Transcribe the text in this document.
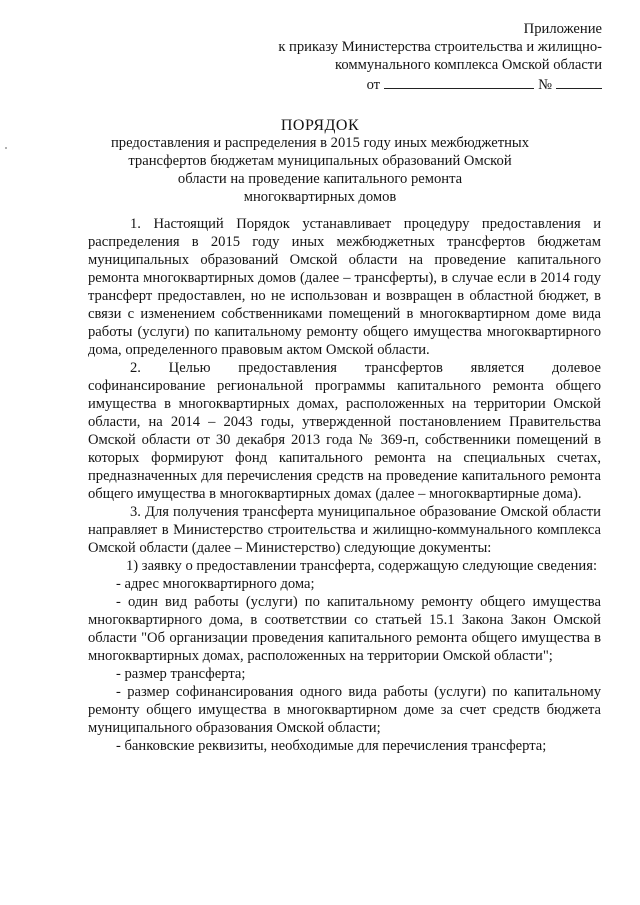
Приложение
к приказу Министерства строительства и жилищно-
коммунального комплекса Омской области
от	№
ПОРЯДОК
предоставления и распределения в 2015 году иных межбюджетных
трансфертов бюджетам муниципальных образований Омской
области на проведение капитального ремонта
многоквартирных домов

1. Настоящий Порядок устанавливает процедуру предоставления и распределения в 2015 году иных межбюджетных трансфертов бюджетам муниципальных образований Омской области на проведение капитального ремонта многоквартирных домов (далее – трансферты), в случае если в 2014 году трансферт предоставлен, но не использован и возвращен в областной бюджет, в связи с изменением собственниками помещений в многоквартирном доме вида работы (услуги) по капитальному ремонту общего имущества многоквартирного дома, определенного правовым актом Омской области.

2. Целью предоставления трансфертов является долевое софинансирование региональной программы капитального ремонта общего имущества в многоквартирных домах, расположенных на территории Омской области, на 2014 – 2043 годы, утвержденной постановлением Правительства Омской области от 30 декабря 2013 года № 369-п, собственники помещений в которых формируют фонд капитального ремонта на специальных счетах, предназначенных для перечисления средств на проведение капитального ремонта общего имущества в многоквартирных домах (далее – многоквартирные дома).

3. Для получения трансферта муниципальное образование Омской области направляет в Министерство строительства и жилищно-коммунального комплекса Омской области (далее – Министерство) следующие документы:

1) заявку о предоставлении трансферта, содержащую следующие сведения:

- адрес многоквартирного дома;

- один вид работы (услуги) по капитальному ремонту общего имущества многоквартирного дома, в соответствии со статьей 15.1 Закона Закон Омской области "Об организации проведения капитального ремонта общего имущества в многоквартирных домах, расположенных на территории Омской области";

- размер трансферта;

- размер софинансирования одного вида работы (услуги) по капитальному ремонту общего имущества в многоквартирном доме за счет средств бюджета муниципального образования Омской области;

- банковские реквизиты, необходимые для перечисления трансферта;
